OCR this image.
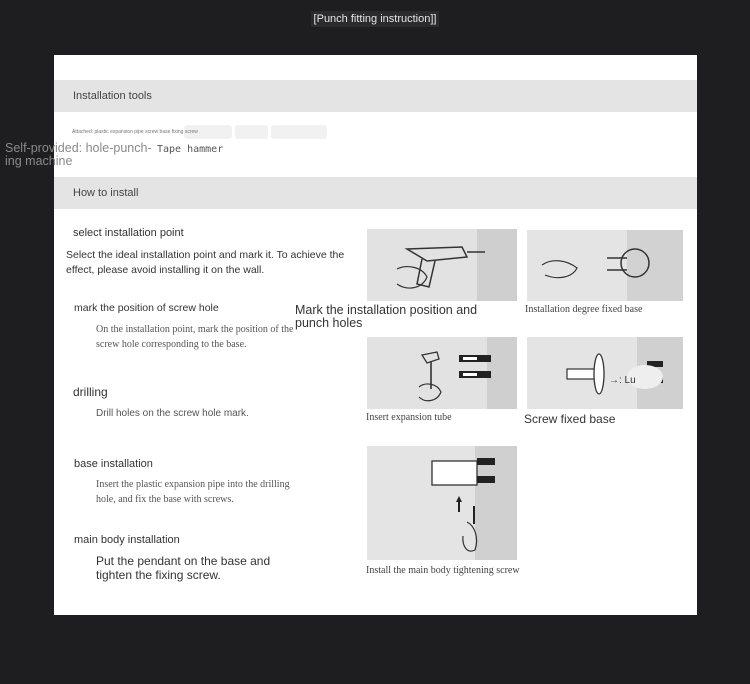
[Punch fitting instruction]]
Installation tools
Attached: plastic expansion pipe screw base fixing screw
How to install
select installation point
Select the ideal installation point and mark it. To achieve the effect, please avoid installing it on the wall.
mark the position of screw hole
On the installation point, mark the position of the screw hole corresponding to the base.
drilling
Drill holes on the screw hole mark.
base installation
Insert the plastic expansion pipe into the drilling hole, and fix the base with screws.
main body installation
Put the pendant on the base and tighten the fixing screw.
Mark the installation position and punch holes
Installation degree fixed base
→: Lu
Insert expansion tube	Screw fixed base
Install the main body tightening screw
Self-provided: hole-punch- ing machine
Tape hammer
